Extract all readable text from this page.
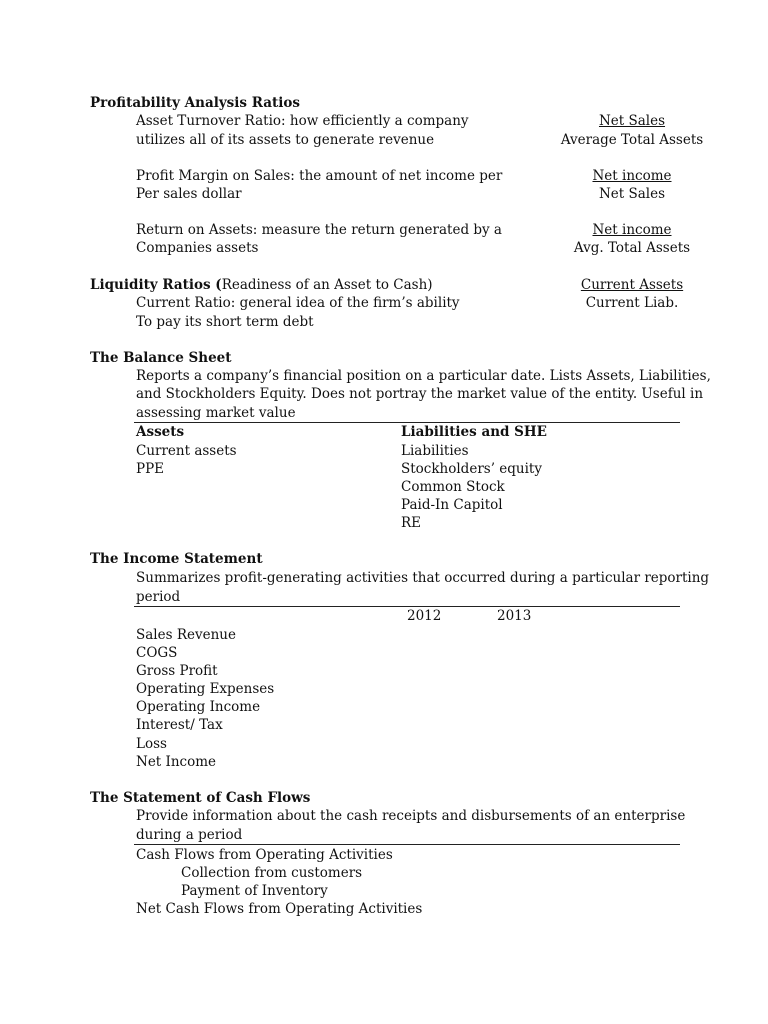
Profitability Analysis Ratios
Asset Turnover Ratio: how efficiently a company
utilizes all of its assets to generate revenue
Net Sales
Average Total Assets
Profit Margin on Sales: the amount of net income per
Per sales dollar
Net income
Net Sales
Return on Assets: measure the return generated by a
Companies assets
Net income
Avg. Total Assets
Liquidity Ratios (Readiness of an Asset to Cash)
Current Ratio: general idea of the firm’s ability
To pay its short term debt
Current Assets
Current Liab.
The Balance Sheet
Reports a company’s financial position on a particular date. Lists Assets, Liabilities,
and Stockholders Equity. Does not portray the market value of the entity. Useful in
assessing market value
Assets
Current assets
PPE
Liabilities and SHE
Liabilities
Stockholders’ equity
Common Stock
Paid-In Capitol
RE
The Income Statement
Summarizes profit-generating activities that occurred during a particular reporting
period
2012	2013
Sales Revenue
COGS
Gross Profit
Operating Expenses
Operating Income
Interest/ Tax
Loss
Net Income
The Statement of Cash Flows
Provide information about the cash receipts and disbursements of an enterprise
during a period
Cash Flows from Operating Activities
Collection from customers
Payment of Inventory
Net Cash Flows from Operating Activities
